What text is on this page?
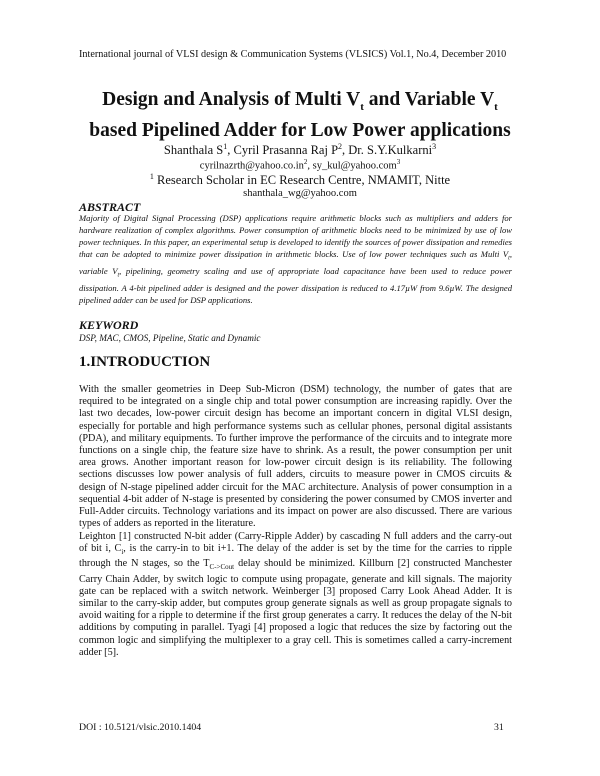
International journal of VLSI design & Communication Systems (VLSICS) Vol.1, No.4, December 2010
Design and Analysis of Multi $V_t$ and Variable $V_t$
based Pipelined Adder for Low Power applications
Shanthala $S^1$, Cyril Prasanna Raj $P^2$, Dr. S.Y.Kulkarni$^3$
$cyrilnazrth@yahoo.co.in^2$, sy_kul@yahoo.com$^3$
$^1$ Research Scholar in EC Research Centre, NMAMIT, Nitte
shanthala_wg@yahoo.com
ABSTRACT
Majority of Digital Signal Processing (DSP) applications require arithmetic blocks such as multipliers and adders for hardware realization of complex algorithms. Power consumption of arithmetic blocks need to be minimized by use of low power techniques. In this paper, an experimental setup is developed to identify the sources of power dissipation and remedies that can be adopted to minimize power dissipation in arithmetic blocks. Use of low power techniques such as Multi $V_t$, variable $V_t$, pipelining, geometry scaling and use of appropriate load capacitance have been used to reduce power dissipation. A 4-bit pipelined adder is designed and the power dissipation is reduced to 4.17µW from 9.6µW. The designed pipelined adder can be used for DSP applications.
KEYWORD
DSP, MAC, CMOS, Pipeline, Static and Dynamic
1.INTRODUCTION
With the smaller geometries in Deep Sub-Micron (DSM) technology, the number of gates that are required to be integrated on a single chip and total power consumption are increasing rapidly. Over the last two decades, low-power circuit design has become an important concern in digital VLSI design, especially for portable and high performance systems such as cellular phones, personal digital assistants (PDA), and military equipments. To further improve the performance of the circuits and to integrate more functions on a single chip, the feature size have to shrink. As a result, the power consumption per unit area grows. Another important reason for low-power circuit design is its reliability. The following sections discusses low power analysis of full adders, circuits to measure power in CMOS circuits & design of N-stage pipelined adder circuit for the MAC architecture. Analysis of power consumption in a sequential 4-bit adder of N-stage is presented by considering the power consumed by CMOS inverter and Full-Adder circuits. Technology variations and its impact on power are also discussed. There are various types of adders as reported in the literature.
Leighton [1] constructed N-bit adder (Carry-Ripple Adder) by cascading N full adders and the carry-out of bit i, $C_i$, is the carry-in to bit i+1. The delay of the adder is set by the time for the carries to ripple through the N stages, so the $T_{C->Cout}$ delay should be minimized. Killburn [2] constructed Manchester Carry Chain Adder, by switch logic to compute using propagate, generate and kill signals. The majority gate can be replaced with a switch network. Weinberger [3] proposed Carry Look Ahead Adder. It is similar to the carry-skip adder, but computes group generate signals as well as group propagate signals to avoid waiting for a ripple to determine if the first group generates a carry. It reduces the delay of the N-bit additions by computing in parallel. Tyagi [4] proposed a logic that reduces the size by factoring out the common logic and simplifying the multiplexer to a gray cell. This is sometimes called a carry-increment adder [5].
DOI : 10.5121/vlsic.2010.1404	31
